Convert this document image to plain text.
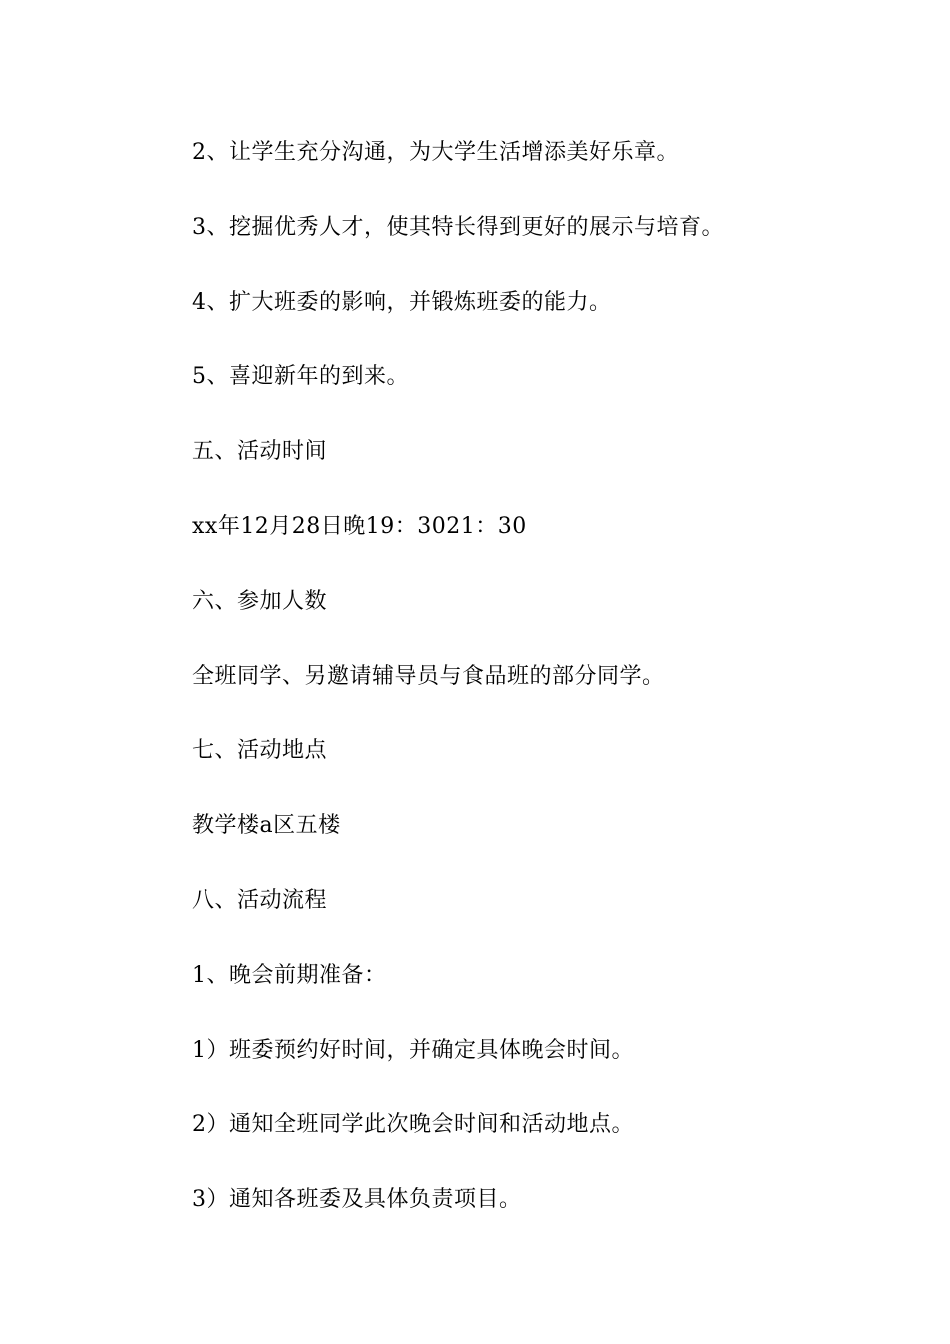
2、让学生充分沟通，为大学生活增添美好乐章。
3、挖掘优秀人才，使其特长得到更好的展示与培育。
4、扩大班委的影响，并锻炼班委的能力。
5、喜迎新年的到来。
五、活动时间
xx年12月28日晚19：3021：30
六、参加人数
全班同学、另邀请辅导员与食品班的部分同学。
七、活动地点
教学楼a区五楼
八、活动流程
1、晚会前期准备：
1）班委预约好时间，并确定具体晚会时间。
2）通知全班同学此次晚会时间和活动地点。
3）通知各班委及具体负责项目。
